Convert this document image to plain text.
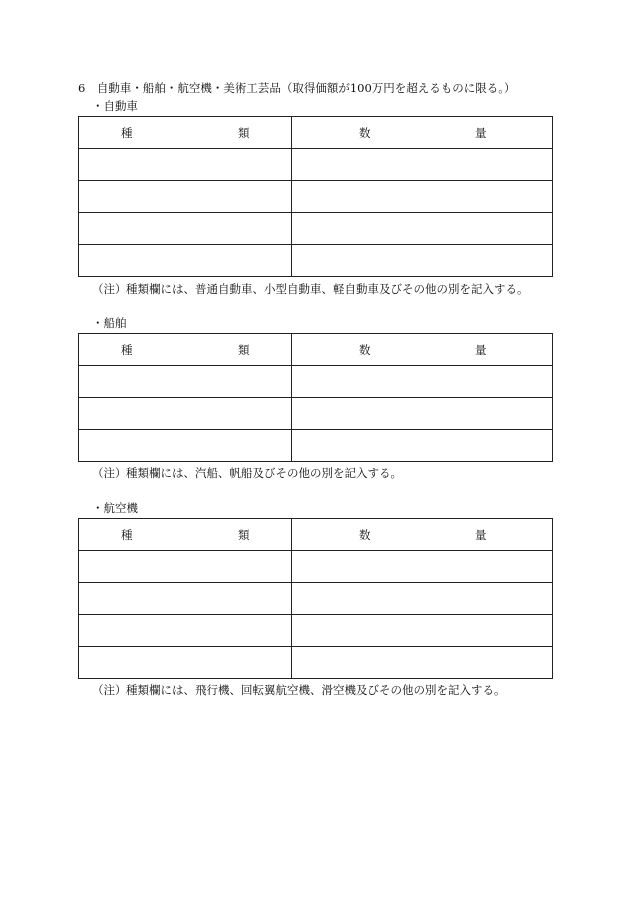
6　自動車・船舶・航空機・美術工芸品（取得価額が100万円を超えるものに限る。）
・自動車
種 類	数 量

（注）種類欄には、普通自動車、小型自動車、軽自動車及びその他の別を記入する。
・船舶
種 類	数 量

（注）種類欄には、汽船、帆船及びその他の別を記入する。
・航空機
種 類	数 量

（注）種類欄には、飛行機、回転翼航空機、滑空機及びその他の別を記入する。
